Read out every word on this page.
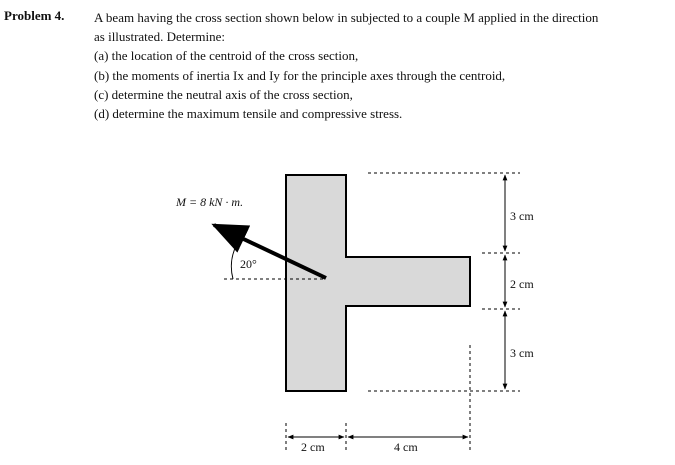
Problem 4. A beam having the cross section shown below in subjected to a couple M applied in the direction
as illustrated. Determine:
(a) the location of the centroid of the cross section,
(b) the moments of inertia Ix and Iy for the principle axes through the centroid,
(c) determine the neutral axis of the cross section,
(d) determine the maximum tensile and compressive stress.
3 cm
2 cm
3 cm
2 cm	4 cm
20°
M = 8 kN · m.
